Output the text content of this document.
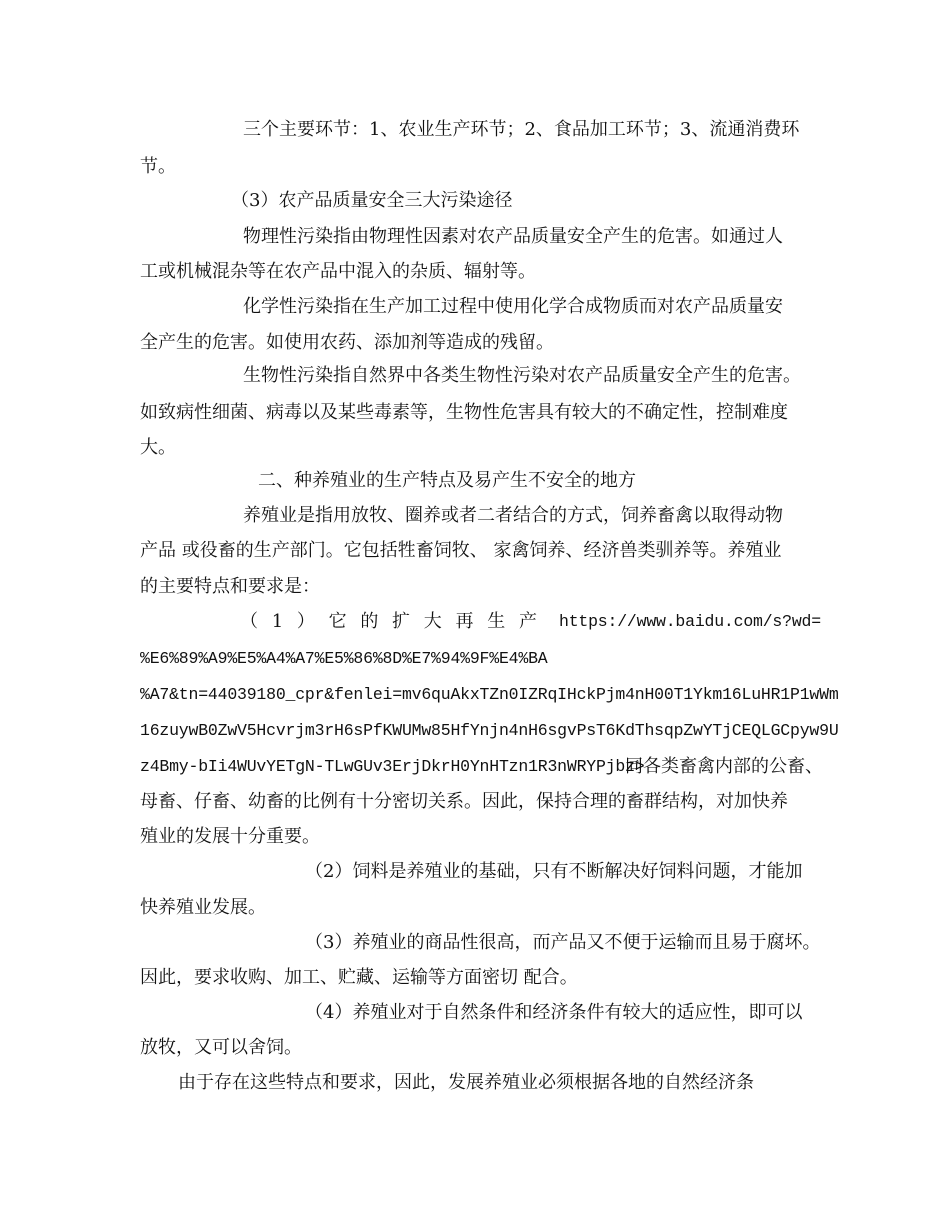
三个主要环节：1、农业生产环节；2、食品加工环节；3、流通消费环
节。
（3）农产品质量安全三大污染途径
物理性污染指由物理性因素对农产品质量安全产生的危害。如通过人
工或机械混杂等在农产品中混入的杂质、辐射等。
化学性污染指在生产加工过程中使用化学合成物质而对农产品质量安
全产生的危害。如使用农药、添加剂等造成的残留。
生物性污染指自然界中各类生物性污染对农产品质量安全产生的危害。
如致病性细菌、病毒以及某些毒素等，生物性危害具有较大的不确定性，控制难度
大。
二、种养殖业的生产特点及易产生不安全的地方
养殖业是指用放牧、圈养或者二者结合的方式，饲养畜禽以取得动物
产品 或役畜的生产部门。它包括牲畜饲牧、 家禽饲养、经济兽类驯养等。养殖业
的主要特点和要求是：
（ 1 ） 它 的 扩 大 再 生 产 https://www.baidu.com/s?wd=
%E6%89%A9%E5%A4%A7%E5%86%8D%E7%94%9F%E4%BA
%A7&tn=44039180_cpr&fenlei=mv6quAkxTZn0IZRqIHckPjm4nH00T1Ykm16LuHR1P1wWm
16zuywB0ZwV5Hcvrjm3rH6sPfKWUMw85HfYnjn4nH6sgvPsT6KdThsqpZwYTjCEQLGCpyw9U
z4Bmy-bIi4WUvYETgN-TLwGUv3ErjDkrH0YnHTzn1R3nWRYPjbz>
同各类畜禽内部的公畜、
母畜、仔畜、幼畜的比例有十分密切关系。因此，保持合理的畜群结构，对加快养
殖业的发展十分重要。
（2）饲料是养殖业的基础，只有不断解决好饲料问题，才能加
快养殖业发展。
（3）养殖业的商品性很高，而产品又不便于运输而且易于腐坏。
因此，要求收购、加工、贮藏、运输等方面密切 配合。
（4）养殖业对于自然条件和经济条件有较大的适应性，即可以
放牧，又可以舍饲。
由于存在这些特点和要求，因此，发展养殖业必须根据各地的自然经济条
